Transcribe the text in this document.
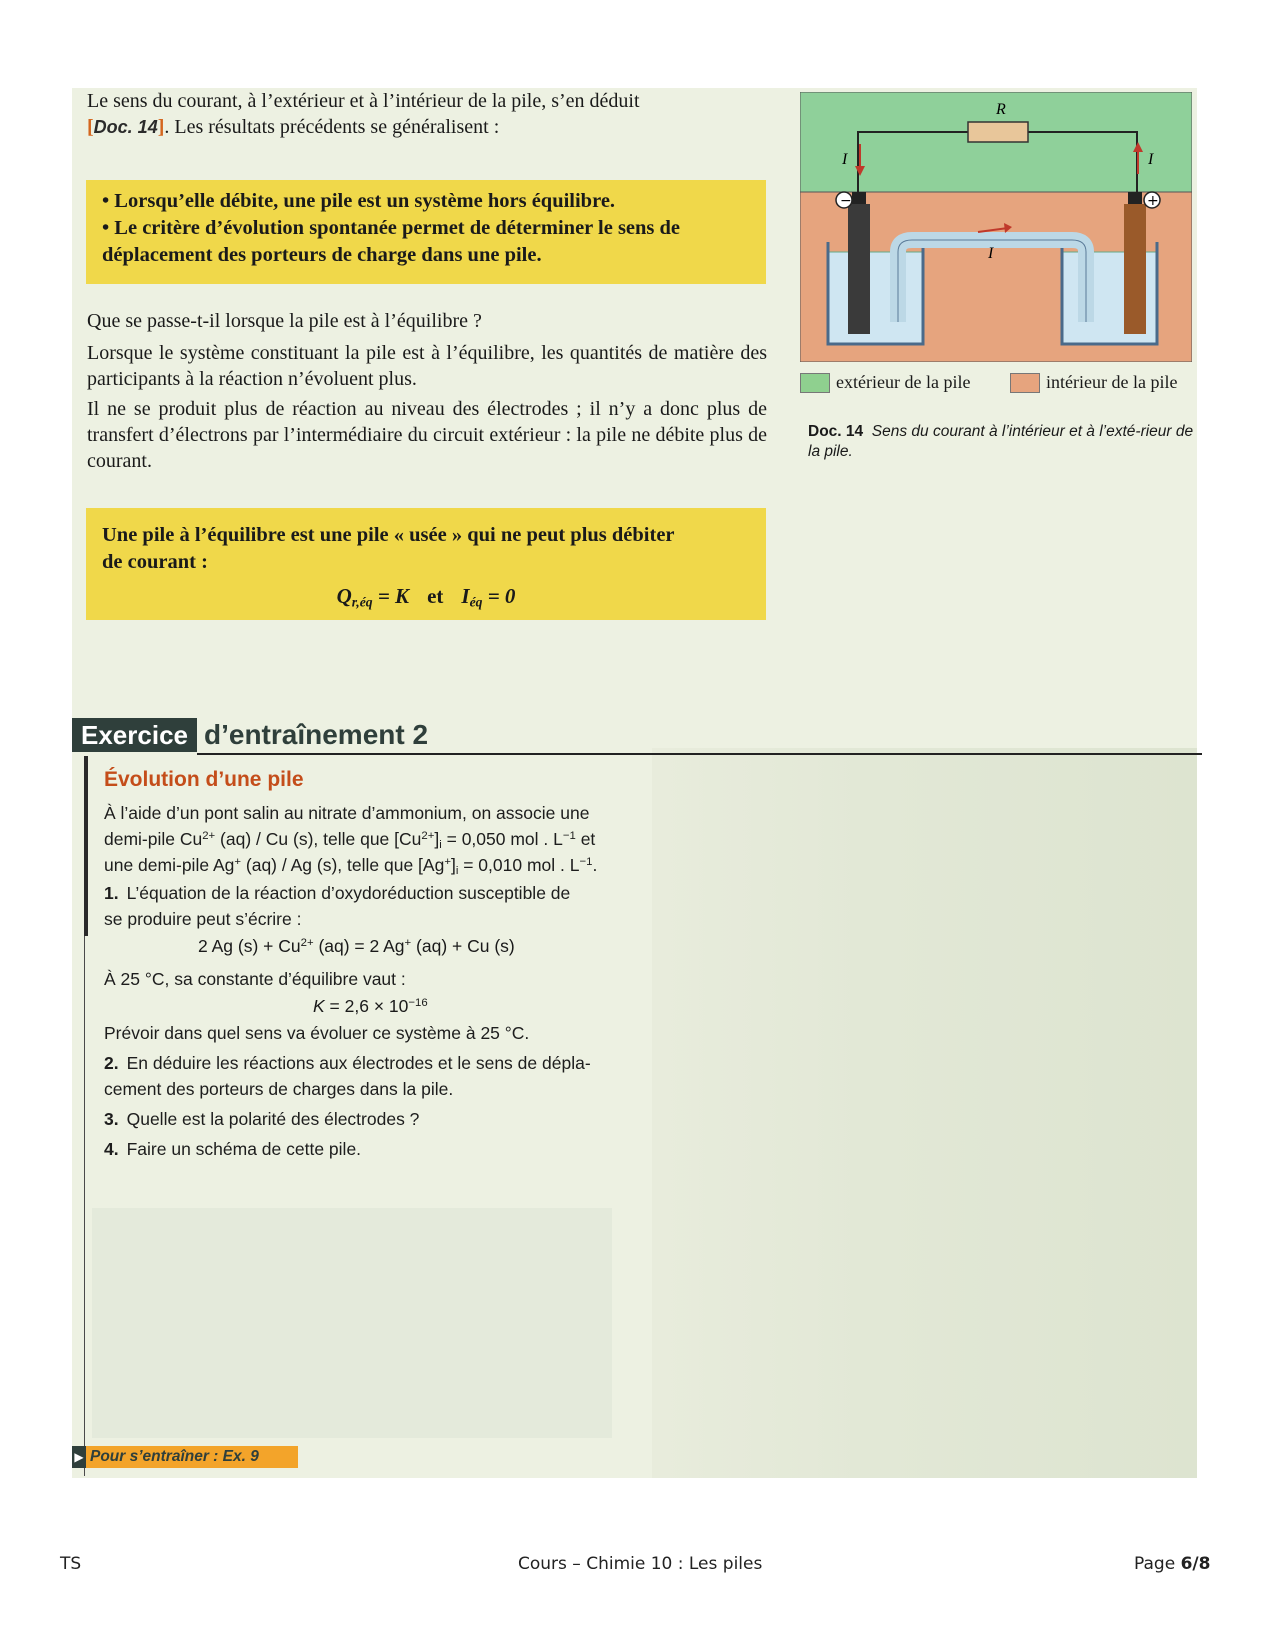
Le sens du courant, à l’extérieur et à l’intérieur de la pile, s’en déduit
[Doc. 14]. Les résultats précédents se généralisent :
• Lorsqu’elle débite, une pile est un système hors équilibre.
• Le critère d’évolution spontanée permet de déterminer le sens de
déplacement des porteurs de charge dans une pile.
Que se passe-t-il lorsque la pile est à l’équilibre ?
Lorsque le système constituant la pile est à l’équilibre, les quantités de matière des participants à la réaction n’évoluent plus.
Il ne se produit plus de réaction au niveau des électrodes ; il n’y a donc plus de transfert d’électrons par l’intermédiaire du circuit extérieur : la pile ne débite plus de courant.
Une pile à l’équilibre est une pile « usée » qui ne peut plus débiter
de courant :
$Q_{r,éq} = K$ et $I_{éq} = 0$
R
I	I
−	+
I
extérieur de la pile	intérieur de la pile
Doc. 14 Sens du courant à l’intérieur et à l’exté-rieur de la pile.
Exercice d’entraînement 2
Évolution d’une pile
À l’aide d’un pont salin au nitrate d’ammonium, on associe une
demi-pile $Cu^{2+}$ (aq) / Cu (s), telle que $[Cu^{2+}]_i = 0,050$ mol . $L^{-1}$ et
une demi-pile Ag+ (aq) / Ag (s), telle que $[Ag^+]_i = 0,010$ mol . $L^{-1}$.
1. L’équation de la réaction d’oxydoréduction susceptible de
se produire peut s’écrire :
2 Ag $(s) + Cu^{2+}$ (aq) = 2 Ag+ (aq) + Cu (s)
À 25 °C, sa constante d’équilibre vaut :
$K = 2,6 \times 10^{-16}$
Prévoir dans quel sens va évoluer ce système à 25 °C.
2. En déduire les réactions aux électrodes et le sens de dépla-
cement des porteurs de charges dans la pile.
3. Quelle est la polarité des électrodes ?
4. Faire un schéma de cette pile.
▶ Pour s’entraîner : Ex. 9
TS	Cours – Chimie 10 : Les piles	Page 6/8
